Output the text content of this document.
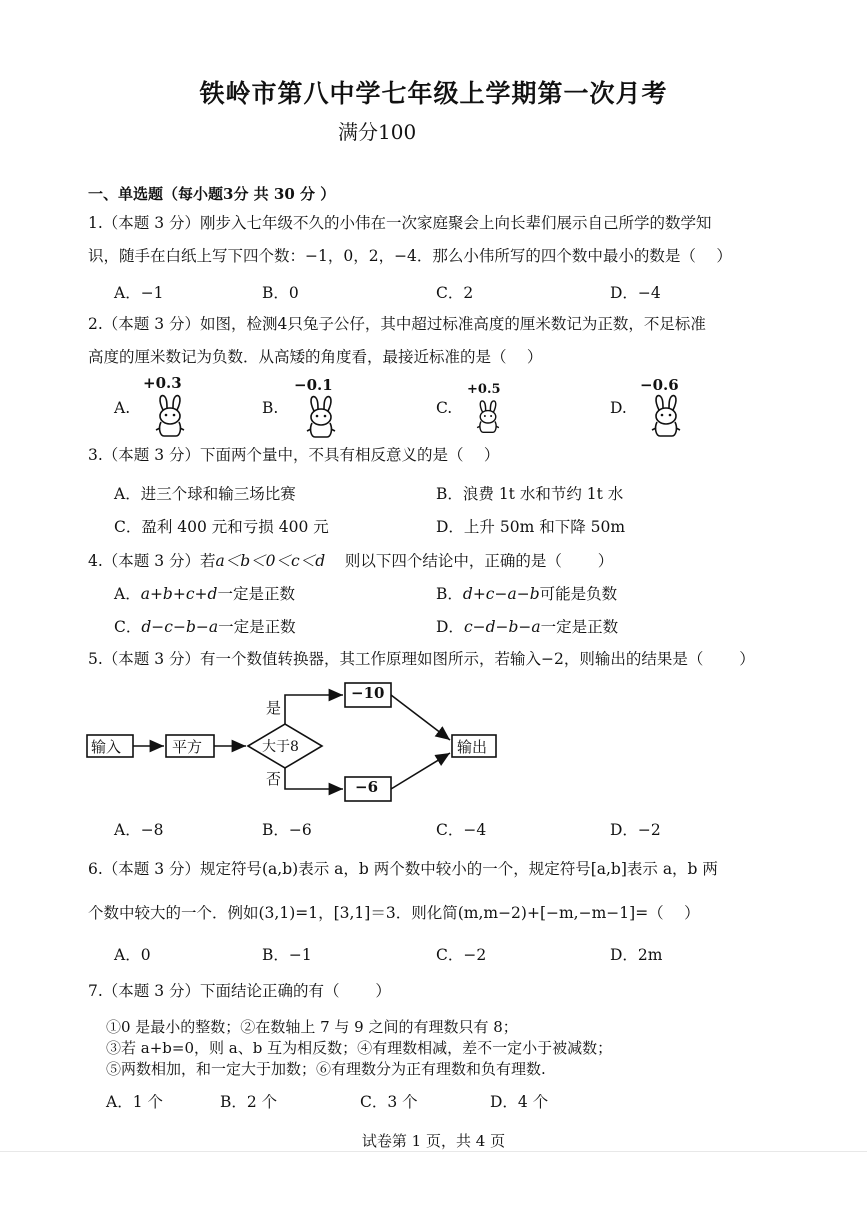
铁岭市第八中学七年级上学期第一次月考
满分100
一、单选题（每小题3分 共 30 分 ）
1.（本题 3 分）刚步入七年级不久的小伟在一次家庭聚会上向长辈们展示自己所学的数学知
识，随手在白纸上写下四个数：−1，0，2，−4．那么小伟所写的四个数中最小的数是（　 ）
A．−1	B．0	C．2	D．−4
2.（本题 3 分）如图，检测4只兔子公仔，其中超过标准高度的厘米数记为正数，不足标准
高度的厘米数记为负数．从高矮的角度看，最接近标准的是（　 ）
+0.3	−0.1	+0.5	−0.6
A.	B.	C.	D.
3.（本题 3 分）下面两个量中，不具有相反意义的是（　 ）
A．进三个球和输三场比赛	B．浪费 1t 水和节约 1t 水
C．盈利 400 元和亏损 400 元	D．上升 50m 和下降 50m
4.（本题 3 分）若a＜b＜0＜c＜d 则以下四个结论中，正确的是（　　 ）
A．a+b+c+d一定是正数	B．d+c−a−b可能是负数
C．d−c−b−a一定是正数	D．c−d−b−a一定是正数
5.（本题 3 分）有一个数值转换器，其工作原理如图所示，若输入−2，则输出的结果是（　　 ）
输入	平方	大于8
是
否
−10
−6
输出
A．−8	B．−6	C．−4	D．−2
6.（本题 3 分）规定符号(a,b)表示 a，b 两个数中较小的一个，规定符号[a,b]表示 a，b 两
个数中较大的一个．例如(3,1)=1，[3,1]＝3．则化简(m,m−2)+[−m,−m−1]=（　 ）
A．0	B．−1	C．−2	D．2m
7.（本题 3 分）下面结论正确的有（　　 ）
①0 是最小的整数；②在数轴上 7 与 9 之间的有理数只有 8；
③若 a+b=0，则 a、b 互为相反数；④有理数相减，差不一定小于被减数；
⑤两数相加，和一定大于加数；⑥有理数分为正有理数和负有理数.
A．1 个	B．2 个	C．3 个	D．4 个
试卷第 1 页，共 4 页
